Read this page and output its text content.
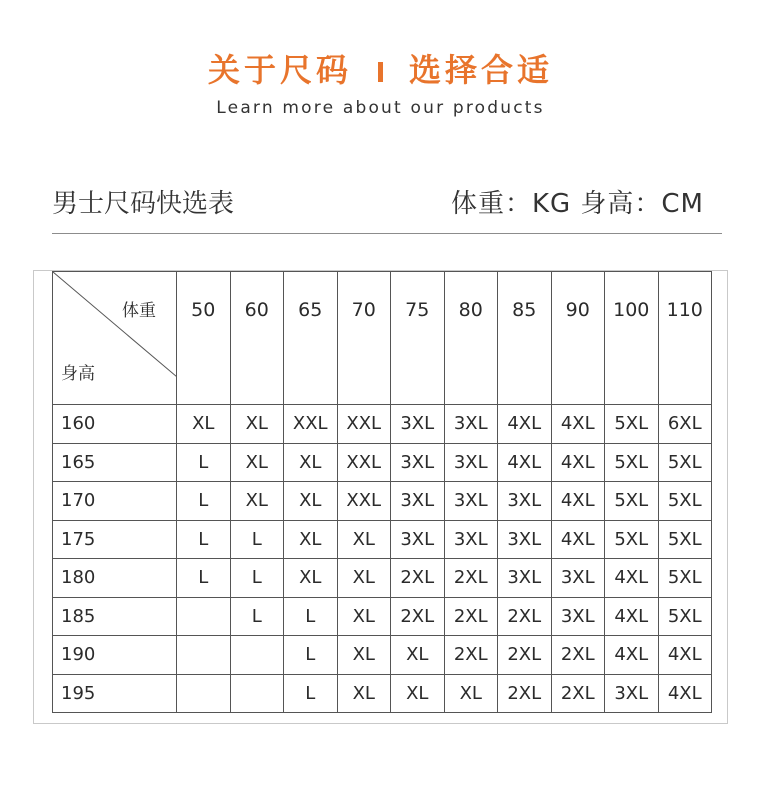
关于尺码 选择合适
Learn more about our products
男士尺码快选表	体重：KG 身高：CM
体重
身高	50	60	65	70	75	80	85	90	100	110
160	XL	XL	XXL	XXL	3XL	3XL	4XL	4XL	5XL	6XL
165	L	XL	XL	XXL	3XL	3XL	4XL	4XL	5XL	5XL
170	L	XL	XL	XXL	3XL	3XL	3XL	4XL	5XL	5XL
175	L	L	XL	XL	3XL	3XL	3XL	4XL	5XL	5XL
180	L	L	XL	XL	2XL	2XL	3XL	3XL	4XL	5XL
185		L	L	XL	2XL	2XL	2XL	3XL	4XL	5XL
190			L	XL	XL	2XL	2XL	2XL	4XL	4XL
195			L	XL	XL	XL	2XL	2XL	3XL	4XL
